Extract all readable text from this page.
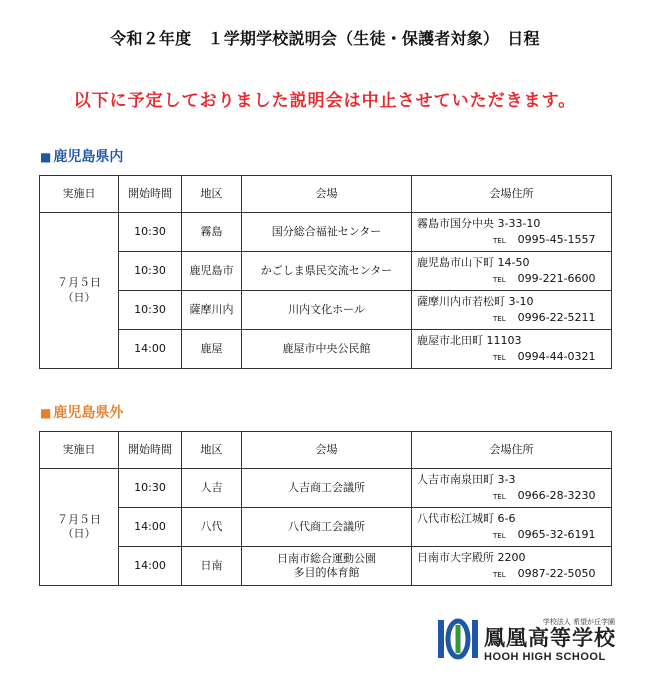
令和２年度　１学期学校説明会（生徒・保護者対象）　日程
以下に予定しておりました説明会は中止させていただきます。
■ 鹿児島県内
実施日	開始時間	地区	会場	会場住所

７月５日
（日）	10:30	霧島	国分総合福祉センター	霧島市国分中央 3-33-10
TEL 0995-45-1557

	10:30	鹿児島市	かごしま県民交流センター	鹿児島市山下町 14-50
TEL 099-221-6600

	10:30	薩摩川内	川内文化ホール	薩摩川内市若松町 3-10
TEL 0996-22-5211

	14:00	鹿屋	鹿屋市中央公民館	鹿屋市北田町 11103
TEL 0994-44-0321
■ 鹿児島県外
実施日	開始時間	地区	会場	会場住所

７月５日
（日）	10:30	人吉	人吉商工会議所	人吉市南泉田町 3-3
TEL 0966-28-3230

	14:00	八代	八代商工会議所	八代市松江城町 6-6
TEL 0965-32-6191

	14:00	日南	日南市総合運動公園
多目的体育館	日南市大字殿所 2200
TEL 0987-22-5050
学校法人 希望が丘学園
鳳凰高等学校
HOOH HIGH SCHOOL
